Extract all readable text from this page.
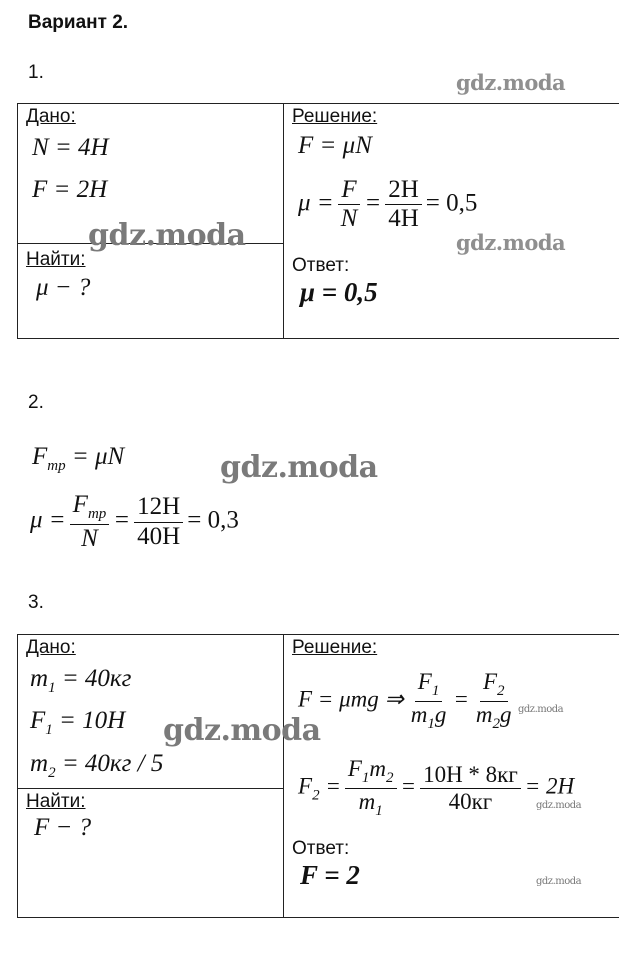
Вариант 2.
1.	gdz.moda

Дано:
N = 4H
F = 2H
gdz.moda
Найти:
μ − ?
Решение:
F = μN
$\mu = \frac{F}{N} = \frac{2H}{4H} = 0,5$
gdz.moda
Ответ:
μ = 0,5
2.
$F_{тр} = \mu N$	gdz.moda
$\mu = \frac{F_{тр}}{N} = \frac{12H}{40H} = 0,3$
3.

Дано:
$m_1 = 40кг$
$F_1 = 10H$
$m_2 = 40кг / 5$
gdz.moda
Найти:
F − ?
Решение:
F = μmg ⇒ $\frac{F_1}{m_1g} = \frac{F_2}{m_2g}$ gdz.moda
$F_2 = \frac{F_1m_2}{m_1} = \frac{10H * 8кг}{40кг} = 2H$
gdz.moda
Ответ:
F = 2	gdz.moda
